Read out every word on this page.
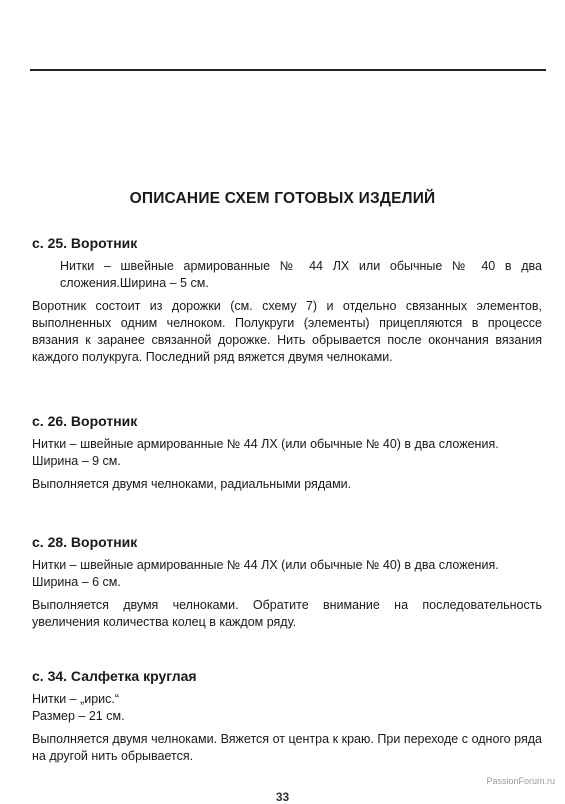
ОПИСАНИЕ СХЕМ ГОТОВЫХ ИЗДЕЛИЙ
с. 25. Воротник

Нитки – швейные армированные № 44 ЛХ или обычные № 40 в два сложения.Ширина – 5 см.

Воротник состоит из дорожки (см. схему 7) и отдельно связанных элементов, выполненных одним челноком. Полукруги (элементы) прицепляются в процессе вязания к заранее связанной дорожке. Нить обрывается после окончания вязания каждого полукруга. Последний ряд вяжется двумя челноками.

с. 26. Воротник

Нитки – швейные армированные № 44 ЛХ (или обычные № 40) в два сложения.

Ширина – 9 см.

Выполняется двумя челноками, радиальными рядами.

с. 28. Воротник

Нитки – швейные армированные № 44 ЛХ (или обычные № 40) в два сложения.

Ширина – 6 см.

Выполняется двумя челноками. Обратите внимание на последовательность увеличения количества колец в каждом ряду.

с. 34. Салфетка круглая

Нитки – „ирис.“

Размер – 21 см.

Выполняется двумя челноками. Вяжется от центра к краю. При переходе с одного ряда на другой нить обрывается.

PassionForum.ru
33
